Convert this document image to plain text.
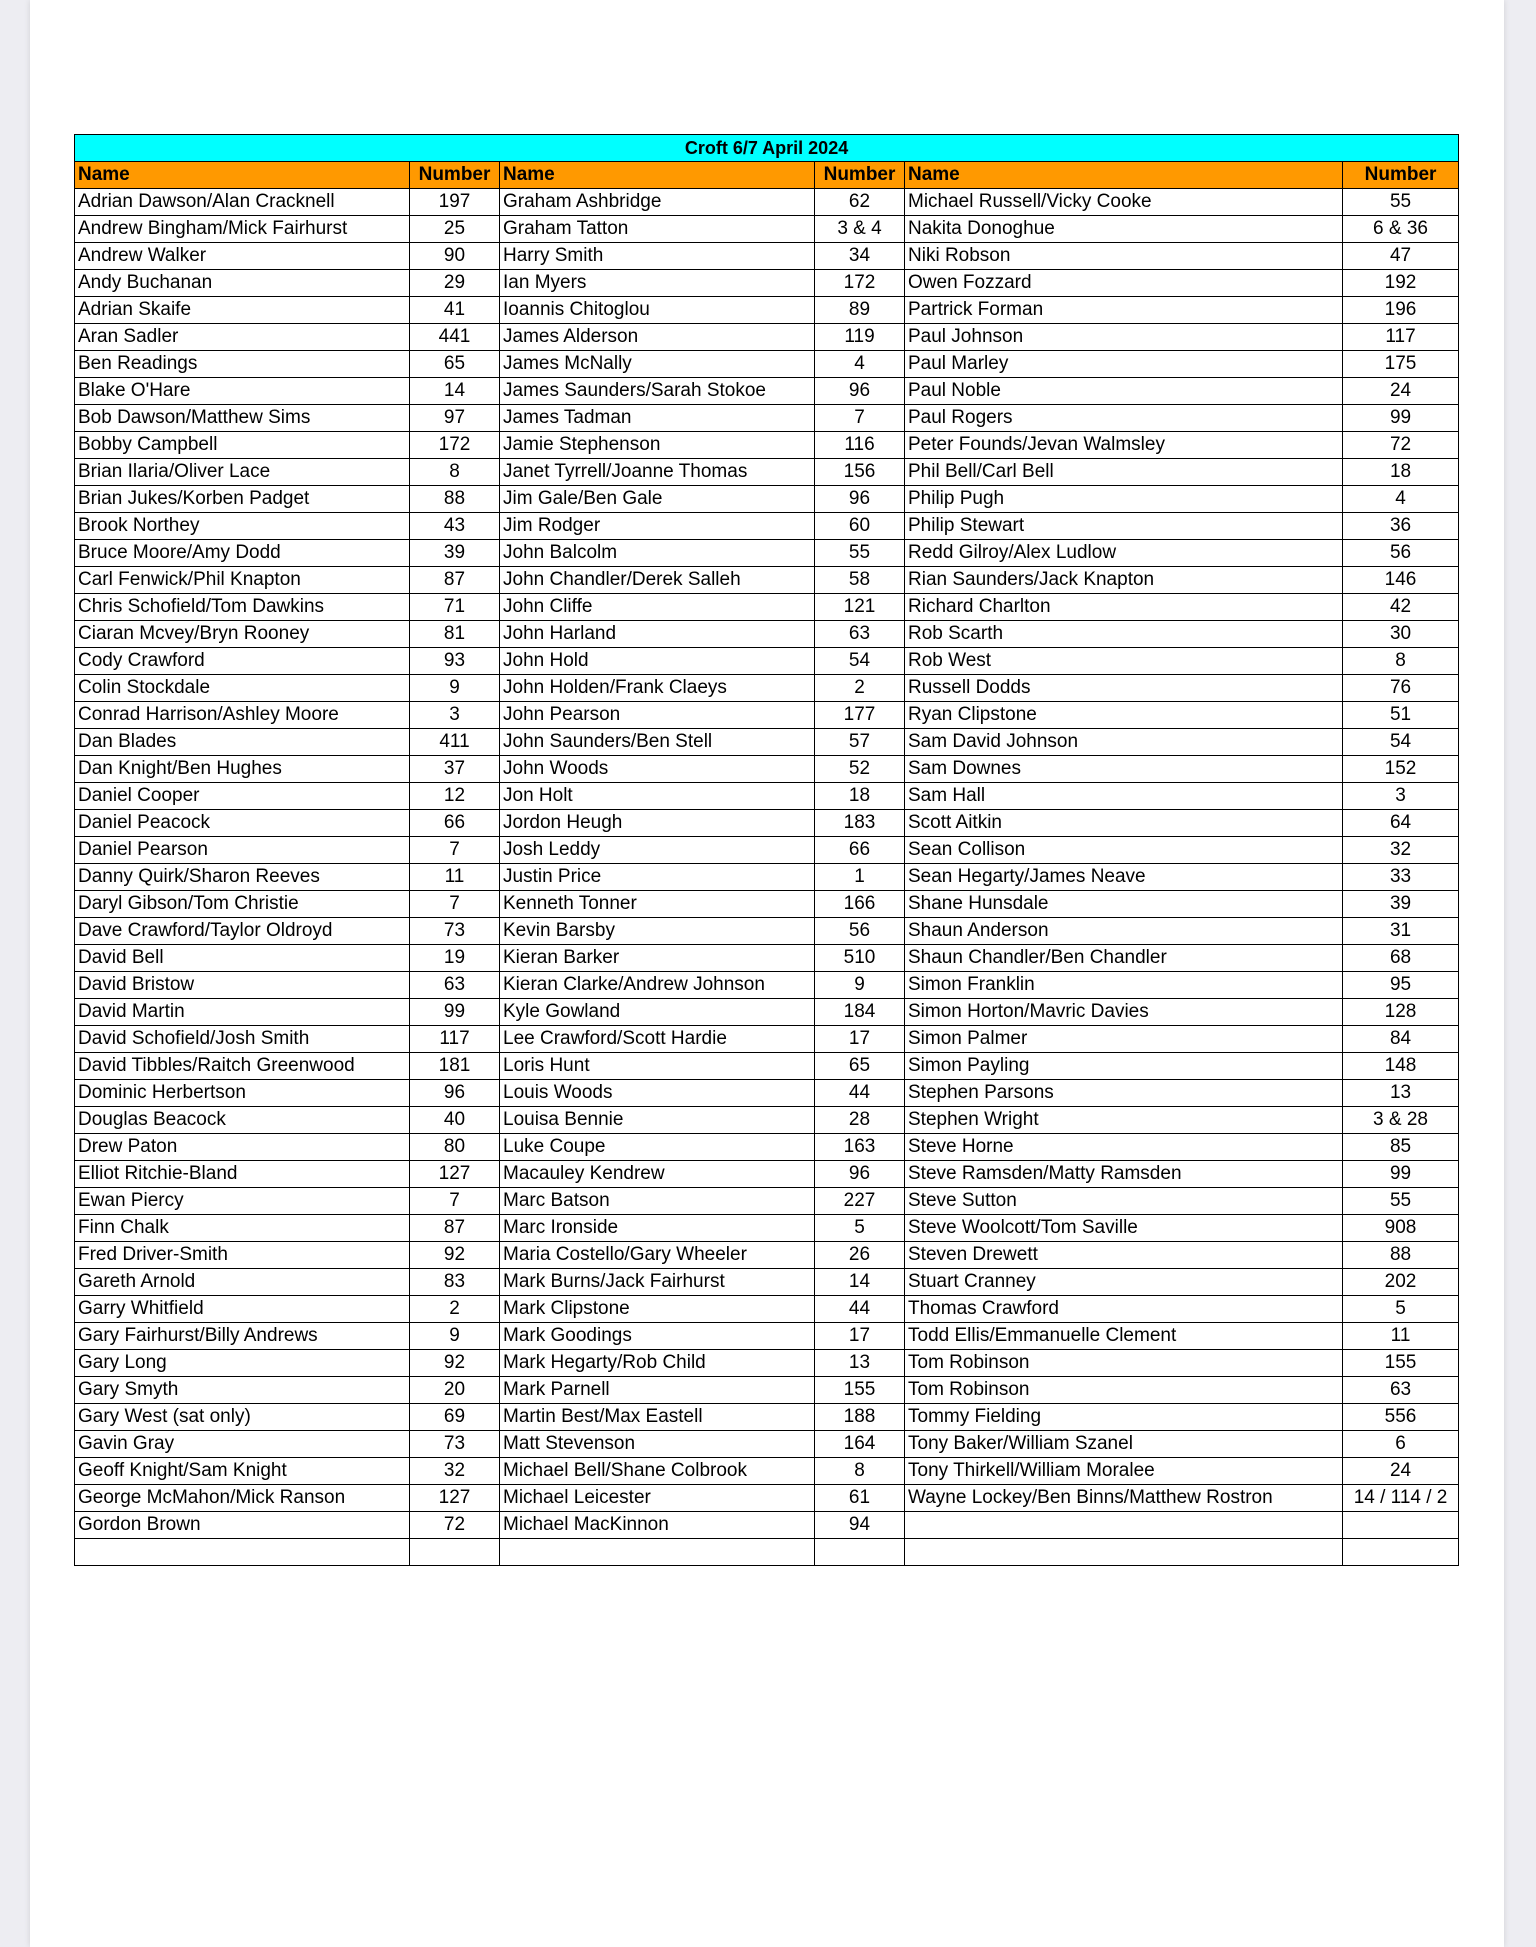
Croft 6/7 April 2024					
Name	Number	Name	Number	Name	Number
Adrian Dawson/Alan Cracknell	197	Graham Ashbridge	62	Michael Russell/Vicky Cooke	55
Andrew Bingham/Mick Fairhurst	25	Graham Tatton	3 & 4	Nakita Donoghue	6 & 36
Andrew Walker	90	Harry Smith	34	Niki Robson	47
Andy Buchanan	29	Ian Myers	172	Owen Fozzard	192
Adrian Skaife	41	Ioannis Chitoglou	89	Partrick Forman	196
Aran Sadler	441	James Alderson	119	Paul Johnson	117
Ben Readings	65	James McNally	4	Paul Marley	175
Blake O'Hare	14	James Saunders/Sarah Stokoe	96	Paul Noble	24
Bob Dawson/Matthew Sims	97	James Tadman	7	Paul Rogers	99
Bobby Campbell	172	Jamie Stephenson	116	Peter Founds/Jevan Walmsley	72
Brian Ilaria/Oliver Lace	8	Janet Tyrrell/Joanne Thomas	156	Phil Bell/Carl Bell	18
Brian Jukes/Korben Padget	88	Jim Gale/Ben Gale	96	Philip Pugh	4
Brook Northey	43	Jim Rodger	60	Philip Stewart	36
Bruce Moore/Amy Dodd	39	John Balcolm	55	Redd Gilroy/Alex Ludlow	56
Carl Fenwick/Phil Knapton	87	John Chandler/Derek Salleh	58	Rian Saunders/Jack Knapton	146
Chris Schofield/Tom Dawkins	71	John Cliffe	121	Richard Charlton	42
Ciaran Mcvey/Bryn Rooney	81	John Harland	63	Rob Scarth	30
Cody Crawford	93	John Hold	54	Rob West	8
Colin Stockdale	9	John Holden/Frank Claeys	2	Russell Dodds	76
Conrad Harrison/Ashley Moore	3	John Pearson	177	Ryan Clipstone	51
Dan Blades	411	John Saunders/Ben Stell	57	Sam David Johnson	54
Dan Knight/Ben Hughes	37	John Woods	52	Sam Downes	152
Daniel Cooper	12	Jon Holt	18	Sam Hall	3
Daniel Peacock	66	Jordon Heugh	183	Scott Aitkin	64
Daniel Pearson	7	Josh Leddy	66	Sean Collison	32
Danny Quirk/Sharon Reeves	11	Justin Price	1	Sean Hegarty/James Neave	33
Daryl Gibson/Tom Christie	7	Kenneth Tonner	166	Shane Hunsdale	39
Dave Crawford/Taylor Oldroyd	73	Kevin Barsby	56	Shaun Anderson	31
David Bell	19	Kieran Barker	510	Shaun Chandler/Ben Chandler	68
David Bristow	63	Kieran Clarke/Andrew Johnson	9	Simon Franklin	95
David Martin	99	Kyle Gowland	184	Simon Horton/Mavric Davies	128
David Schofield/Josh Smith	117	Lee Crawford/Scott Hardie	17	Simon Palmer	84
David Tibbles/Raitch Greenwood	181	Loris Hunt	65	Simon Payling	148
Dominic Herbertson	96	Louis Woods	44	Stephen Parsons	13
Douglas Beacock	40	Louisa Bennie	28	Stephen Wright	3 & 28
Drew Paton	80	Luke Coupe	163	Steve Horne	85
Elliot Ritchie-Bland	127	Macauley Kendrew	96	Steve Ramsden/Matty Ramsden	99
Ewan Piercy	7	Marc Batson	227	Steve Sutton	55
Finn Chalk	87	Marc Ironside	5	Steve Woolcott/Tom Saville	908
Fred Driver-Smith	92	Maria Costello/Gary Wheeler	26	Steven Drewett	88
Gareth Arnold	83	Mark Burns/Jack Fairhurst	14	Stuart Cranney	202
Garry Whitfield	2	Mark Clipstone	44	Thomas Crawford	5
Gary Fairhurst/Billy Andrews	9	Mark Goodings	17	Todd Ellis/Emmanuelle Clement	11
Gary Long	92	Mark Hegarty/Rob Child	13	Tom Robinson	155
Gary Smyth	20	Mark Parnell	155	Tom Robinson	63
Gary West (sat only)	69	Martin Best/Max Eastell	188	Tommy Fielding	556
Gavin Gray	73	Matt Stevenson	164	Tony Baker/William Szanel	6
Geoff Knight/Sam Knight	32	Michael Bell/Shane Colbrook	8	Tony Thirkell/William Moralee	24
George McMahon/Mick Ranson	127	Michael Leicester	61	Wayne Lockey/Ben Binns/Matthew Rostron	14 / 114 / 2
Gordon Brown	72	Michael MacKinnon	94		
